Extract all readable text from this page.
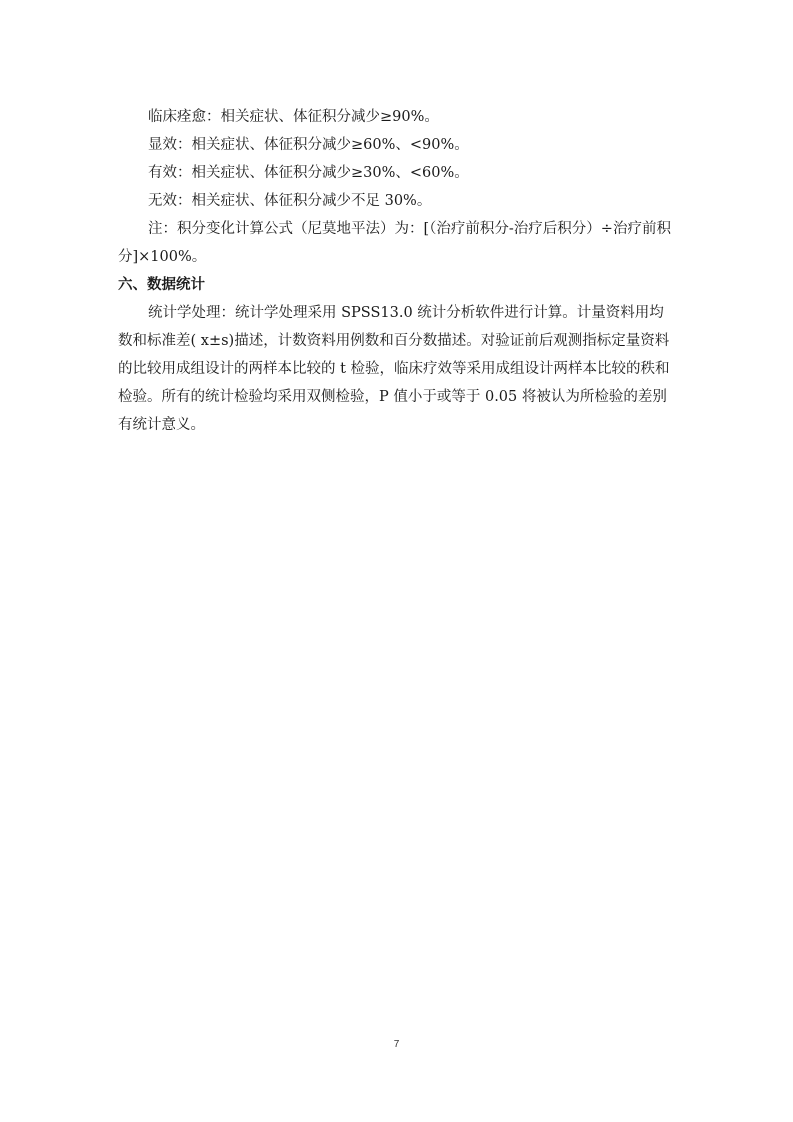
临床痊愈：相关症状、体征积分减少≥90%。

显效：相关症状、体征积分减少≥60%、<90%。

有效：相关症状、体征积分减少≥30%、<60%。

无效：相关症状、体征积分减少不足 30%。

注：积分变化计算公式（尼莫地平法）为：[（治疗前积分-治疗后积分）÷治疗前积分]×100%。

六、数据统计

统计学处理：统计学处理采用 SPSS13.0 统计分析软件进行计算。计量资料用均数和标准差( x±s)描述，计数资料用例数和百分数描述。对验证前后观测指标定量资料的比较用成组设计的两样本比较的 t 检验，临床疗效等采用成组设计两样本比较的秩和检验。所有的统计检验均采用双侧检验，P 值小于或等于 0.05 将被认为所检验的差别有统计意义。

7
